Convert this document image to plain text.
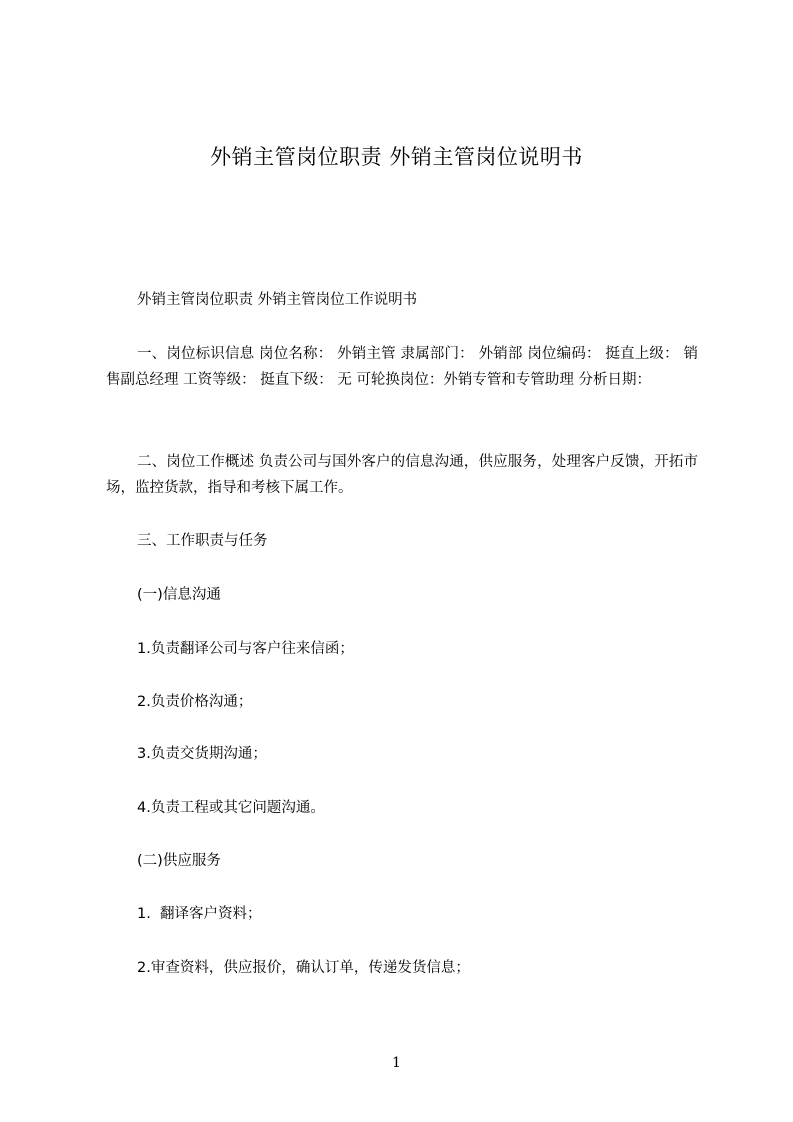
外销主管岗位职责 外销主管岗位说明书

外销主管岗位职责 外销主管岗位工作说明书

一、岗位标识信息 岗位名称： 外销主管 隶属部门： 外销部 岗位编码： 挺直上级： 销售副总经理 工资等级： 挺直下级： 无 可轮换岗位：外销专管和专管助理 分析日期：

二、岗位工作概述 负责公司与国外客户的信息沟通，供应服务，处理客户反馈，开拓市场，监控货款，指导和考核下属工作。

三、工作职责与任务

(一)信息沟通

1.负责翻译公司与客户往来信函；

2.负责价格沟通；

3.负责交货期沟通；

4.负责工程或其它问题沟通。

(二)供应服务

1.  翻译客户资料；

2.审查资料，供应报价，确认订单，传递发货信息；

1
